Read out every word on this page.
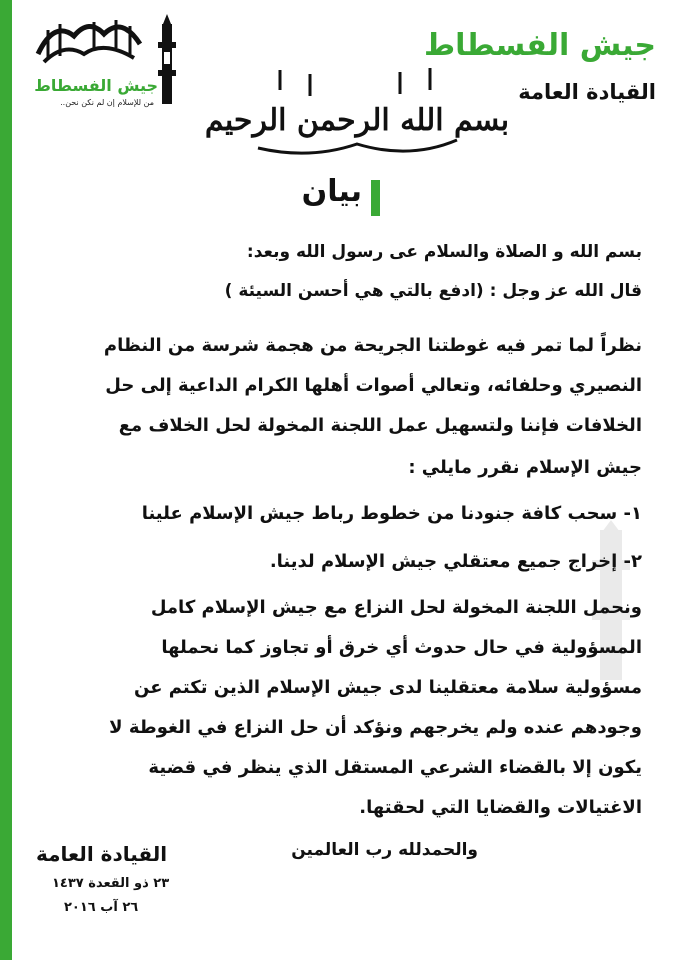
جيش الفسطاط
القيادة العامة
جيش الفسطاط
من للإسلام إن لم نكن نحن..
بسم الله الرحمن الرحيم
بيان
بسم الله و الصلاة والسلام عى رسول الله وبعد:
قال الله عز وجل : (ادفع بالتي هي أحسن السيئة )
نظراً لما تمر فيه غوطتنا الجريحة من هجمة شرسة من النظام
النصيري وحلفائه، وتعالي أصوات أهلها الكرام الداعية إلى حل
الخلافات فإننا ولتسهيل عمل اللجنة المخولة لحل الخلاف مع
جيش الإسلام نقرر مايلي :
١- سحب كافة جنودنا من خطوط رباط جيش الإسلام علينا
٢- إخراج جميع معتقلي جيش الإسلام لدينا.
ونحمل اللجنة المخولة لحل النزاع مع جيش الإسلام كامل
المسؤولية في حال حدوث أي خرق أو تجاوز كما نحملها
مسؤولية سلامة معتقلينا لدى جيش الإسلام الذين تكتم عن
وجودهم عنده ولم يخرجهم ونؤكد أن حل النزاع في الغوطة لا
يكون إلا بالقضاء الشرعي المستقل الذي ينظر في قضية
الاغتيالات والقضايا التي لحقتها.
والحمدلله رب العالمين
القيادة العامة
٢٣ ذو القعدة ١٤٣٧
٢٦ آب ٢٠١٦
